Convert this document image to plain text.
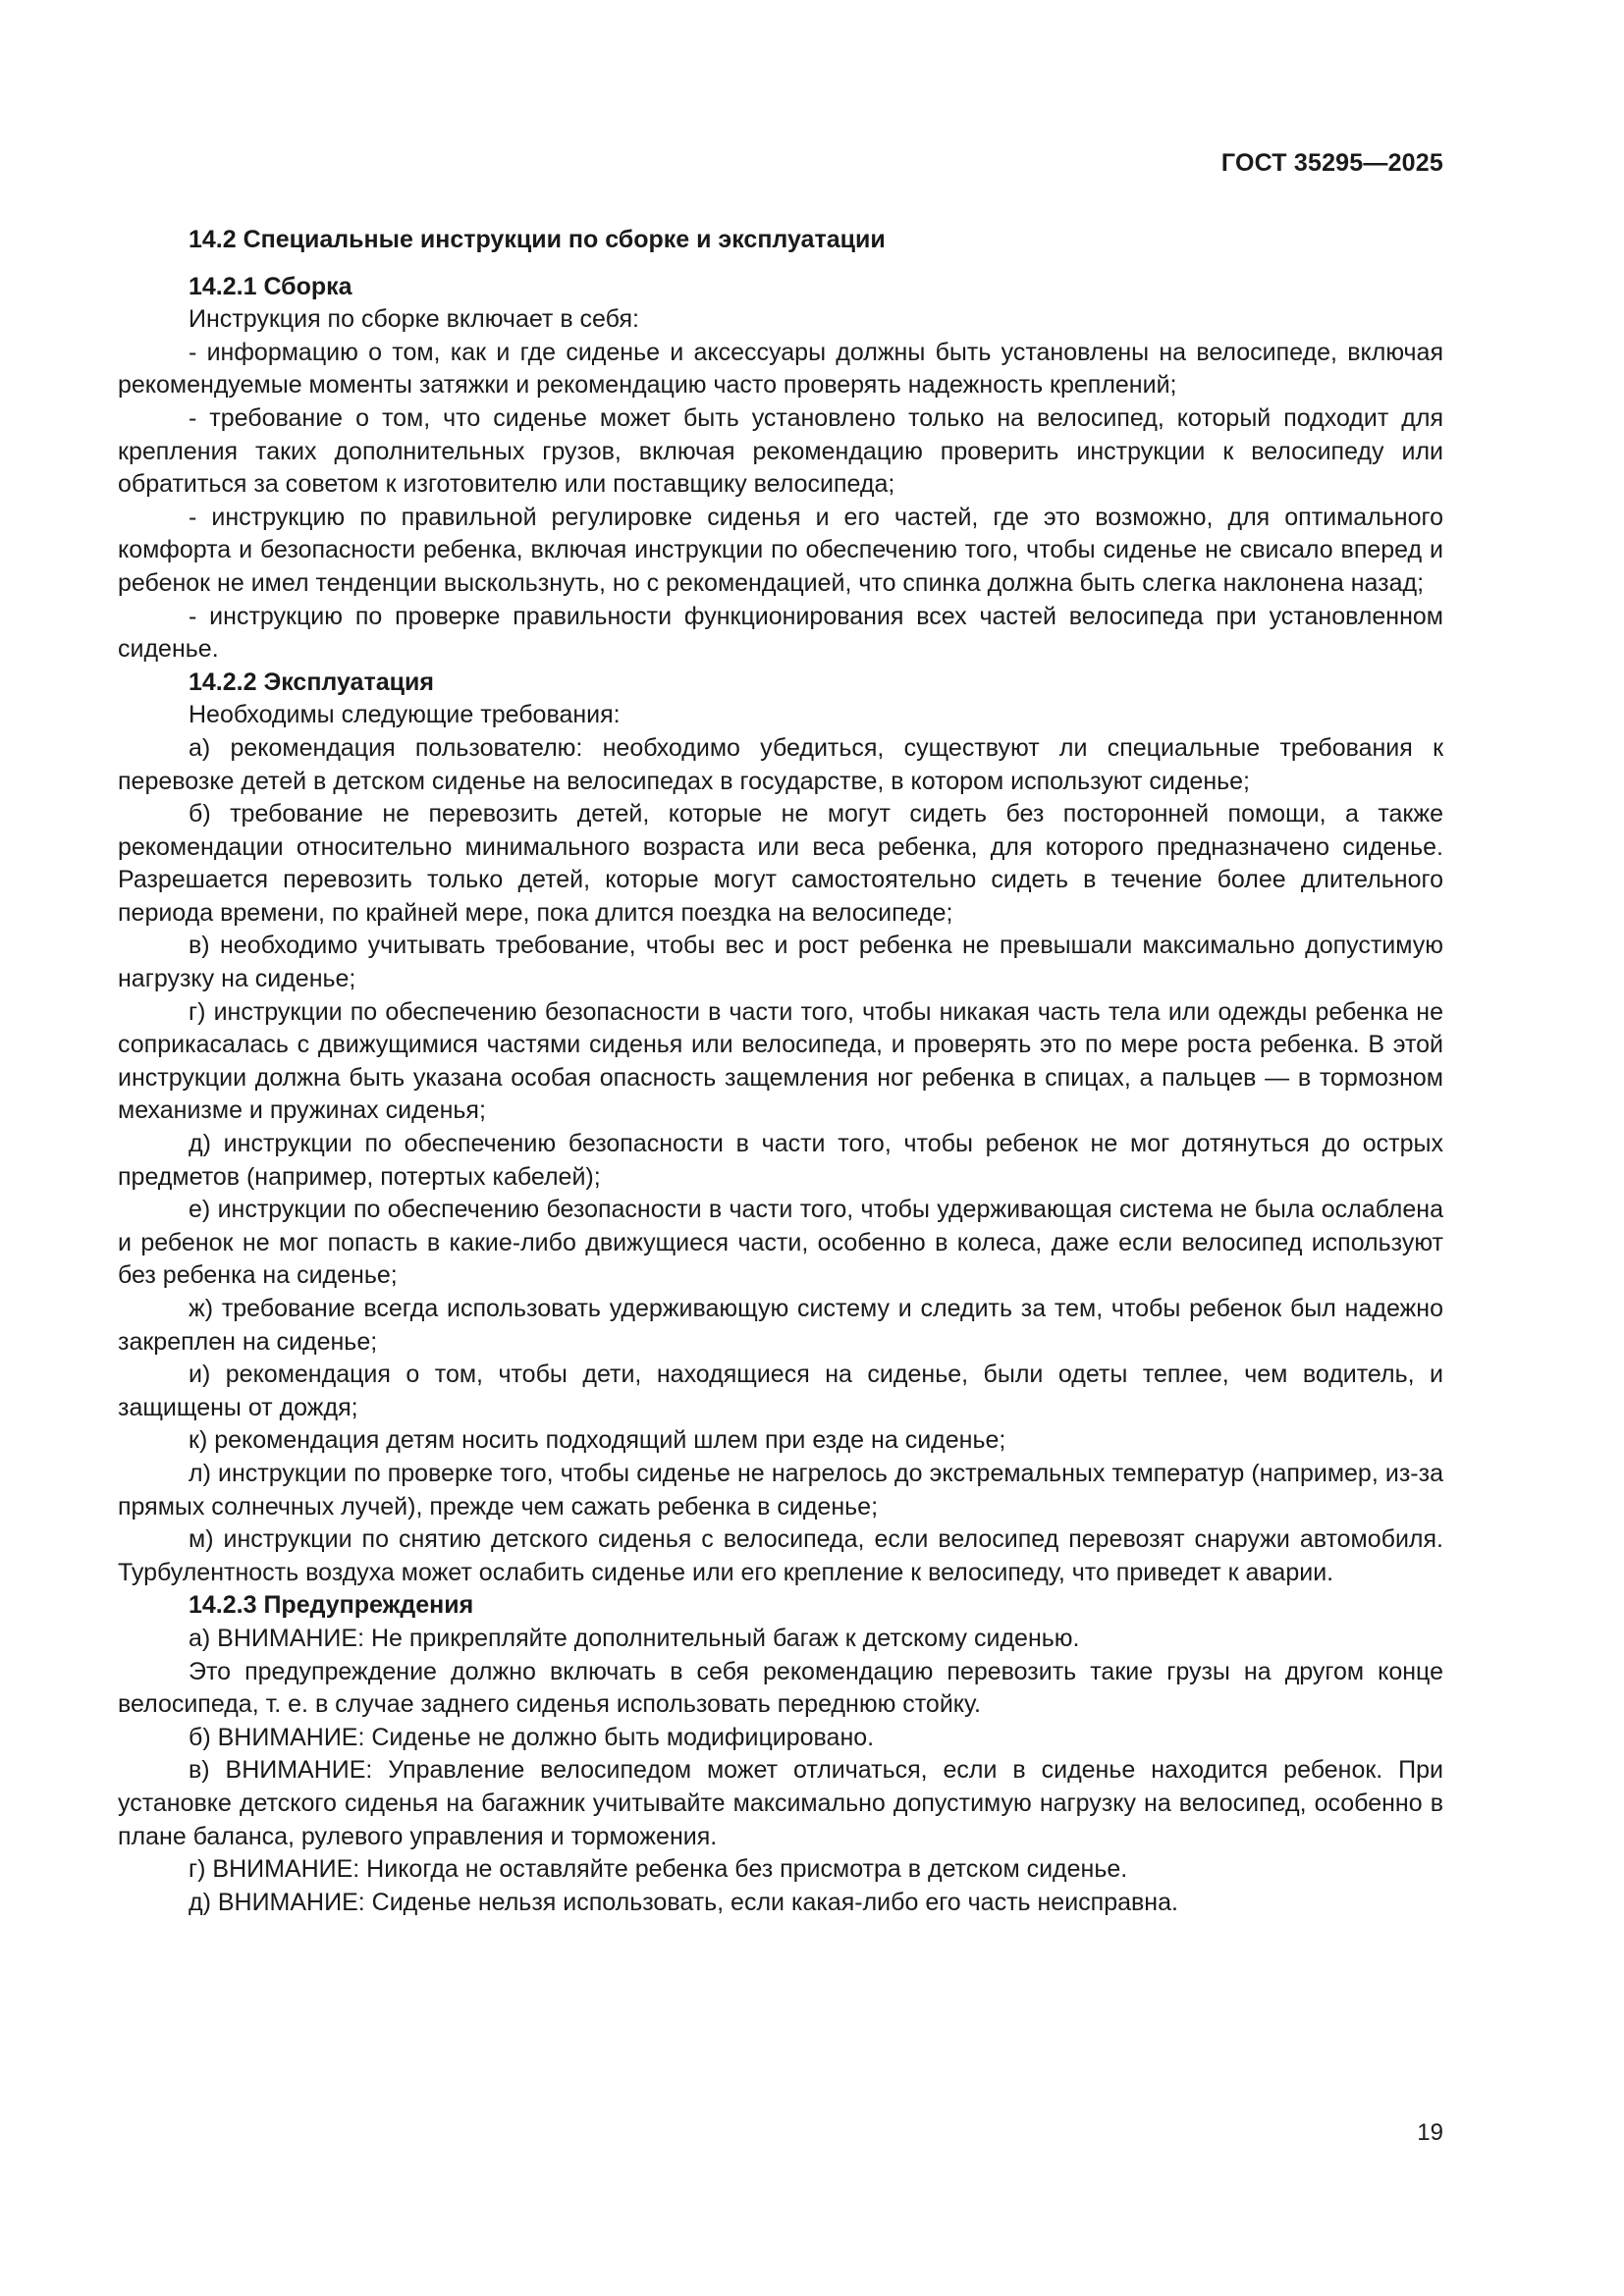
ГОСТ 35295—2025
14.2 Специальные инструкции по сборке и эксплуатации
14.2.1 Сборка

Инструкция по сборке включает в себя:

- информацию о том, как и где сиденье и аксессуары должны быть установлены на велосипеде, включая рекомендуемые моменты затяжки и рекомендацию часто проверять надежность креплений;

- требование о том, что сиденье может быть установлено только на велосипед, который подходит для крепления таких дополнительных грузов, включая рекомендацию проверить инструкции к велосипеду или обратиться за советом к изготовителю или поставщику велосипеда;

- инструкцию по правильной регулировке сиденья и его частей, где это возможно, для оптимального комфорта и безопасности ребенка, включая инструкции по обеспечению того, чтобы сиденье не свисало вперед и ребенок не имел тенденции выскользнуть, но с рекомендацией, что спинка должна быть слегка наклонена назад;

- инструкцию по проверке правильности функционирования всех частей велосипеда при установленном сиденье.

14.2.2 Эксплуатация

Необходимы следующие требования:

а) рекомендация пользователю: необходимо убедиться, существуют ли специальные требования к перевозке детей в детском сиденье на велосипедах в государстве, в котором используют сиденье;

б) требование не перевозить детей, которые не могут сидеть без посторонней помощи, а также рекомендации относительно минимального возраста или веса ребенка, для которого предназначено сиденье. Разрешается перевозить только детей, которые могут самостоятельно сидеть в течение более длительного периода времени, по крайней мере, пока длится поездка на велосипеде;

в) необходимо учитывать требование, чтобы вес и рост ребенка не превышали максимально допустимую нагрузку на сиденье;

г) инструкции по обеспечению безопасности в части того, чтобы никакая часть тела или одежды ребенка не соприкасалась с движущимися частями сиденья или велосипеда, и проверять это по мере роста ребенка. В этой инструкции должна быть указана особая опасность защемления ног ребенка в спицах, а пальцев — в тормозном механизме и пружинах сиденья;

д) инструкции по обеспечению безопасности в части того, чтобы ребенок не мог дотянуться до острых предметов (например, потертых кабелей);

е) инструкции по обеспечению безопасности в части того, чтобы удерживающая система не была ослаблена и ребенок не мог попасть в какие-либо движущиеся части, особенно в колеса, даже если велосипед используют без ребенка на сиденье;

ж) требование всегда использовать удерживающую систему и следить за тем, чтобы ребенок был надежно закреплен на сиденье;

и) рекомендация о том, чтобы дети, находящиеся на сиденье, были одеты теплее, чем водитель, и защищены от дождя;

к) рекомендация детям носить подходящий шлем при езде на сиденье;

л) инструкции по проверке того, чтобы сиденье не нагрелось до экстремальных температур (например, из-за прямых солнечных лучей), прежде чем сажать ребенка в сиденье;

м) инструкции по снятию детского сиденья с велосипеда, если велосипед перевозят снаружи автомобиля. Турбулентность воздуха может ослабить сиденье или его крепление к велосипеду, что приведет к аварии.

14.2.3 Предупреждения

а) ВНИМАНИЕ: Не прикрепляйте дополнительный багаж к детскому сиденью.

Это предупреждение должно включать в себя рекомендацию перевозить такие грузы на другом конце велосипеда, т. е. в случае заднего сиденья использовать переднюю стойку.

б) ВНИМАНИЕ: Сиденье не должно быть модифицировано.

в) ВНИМАНИЕ: Управление велосипедом может отличаться, если в сиденье находится ребенок. При установке детского сиденья на багажник учитывайте максимально допустимую нагрузку на велосипед, особенно в плане баланса, рулевого управления и торможения.

г) ВНИМАНИЕ: Никогда не оставляйте ребенка без присмотра в детском сиденье.

д) ВНИМАНИЕ: Сиденье нельзя использовать, если какая-либо его часть неисправна.

19
